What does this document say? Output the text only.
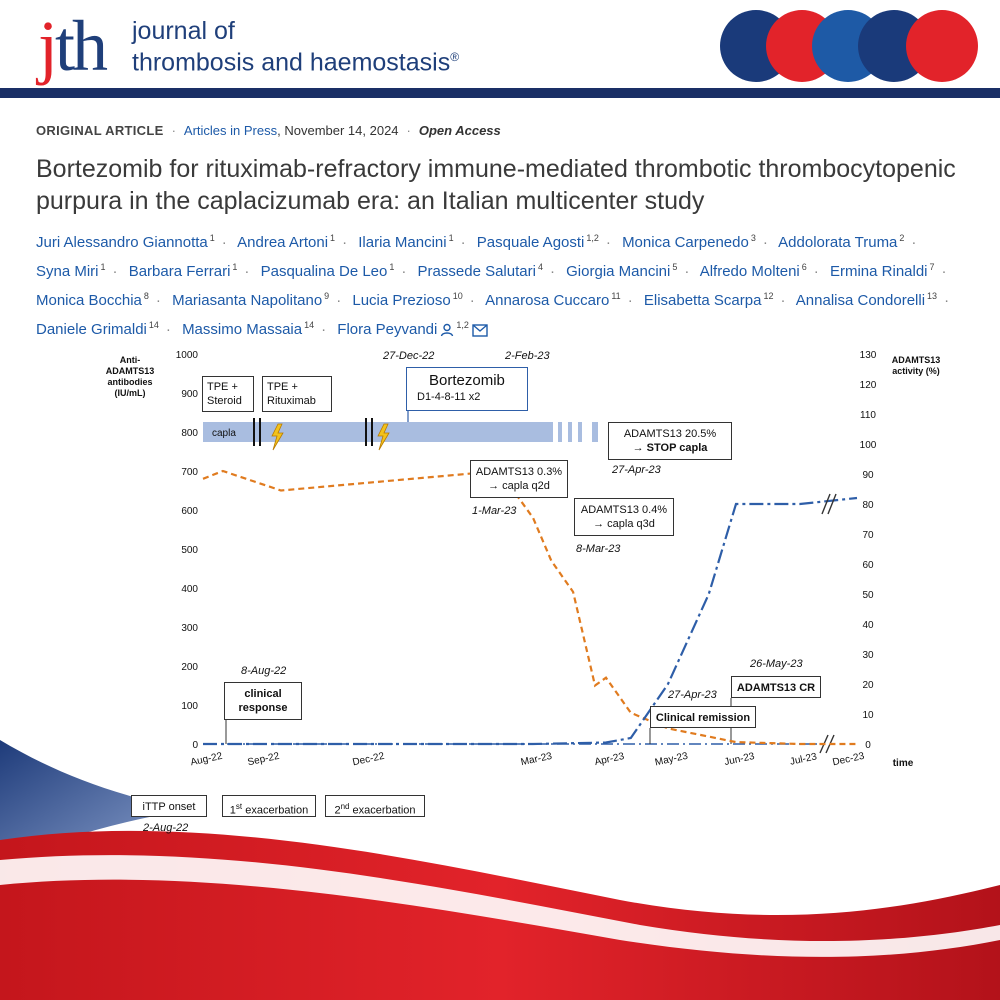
jth journal of
thrombosis and haemostasis®
ORIGINAL ARTICLE · Articles in Press, November 14, 2024 · Open Access
Bortezomib for rituximab-refractory immune-mediated thrombotic thrombocytopenic purpura in the caplacizumab era: an Italian multicenter study
Juri Alessandro Giannotta $^1$ · Andrea Artoni $^1$ · Ilaria Mancini $^1$ · Pasquale Agosti $^{1,2}$ · Monica Carpenedo $^3$ · Addolorata Truma $^2$ · Syna Miri $^1$ · Barbara Ferrari $^1$ · Pasqualina De Leo $^1$ · Prassede Salutari $^4$ · Giorgia Mancini $^5$ · Alfredo Molteni $^6$ · Ermina Rinaldi $^7$ · Monica Bocchia $^8$ · Mariasanta Napolitano $^9$ · Lucia Prezioso $^{10}$ · Annarosa Cuccaro $^{11}$ · Elisabetta Scarpa $^{12}$ · Annalisa Condorelli $^{13}$ · Daniele Grimaldi $^{14}$ · Massimo Massaia $^{14}$ · Flora Peyvandi $^{1,2}$
0
100
200
300
400
500
600
700
800
900
1000
0
10
20
30
40
50
60
70
80
90
100
110
120
130
Aug-22 Sep-22	Dec-22	Mar-23	Apr-23	May-23	Jun-23	Jul-23 Dec-23	time
capla
Anti-
ADAMTS13
antibodies
(IU/mL)
ADAMTS13
activity (%)
TPE +
Steroid
TPE +
Rituximab
Bortezomib
D1-4-8-11 x2
ADAMTS13 0.3%
→ capla q2d
ADAMTS13 0.4%
→ capla q3d
ADAMTS13 20.5%
→ STOP capla
clinical
response
Clinical remission
ADAMTS13 CR
iTTP onset	1st exacerbation	2nd exacerbation
27-Dec-22	2-Feb-23
1-Mar-23
8-Mar-23
27-Apr-23
27-Apr-23
26-May-23
8-Aug-22
2-Aug-22
